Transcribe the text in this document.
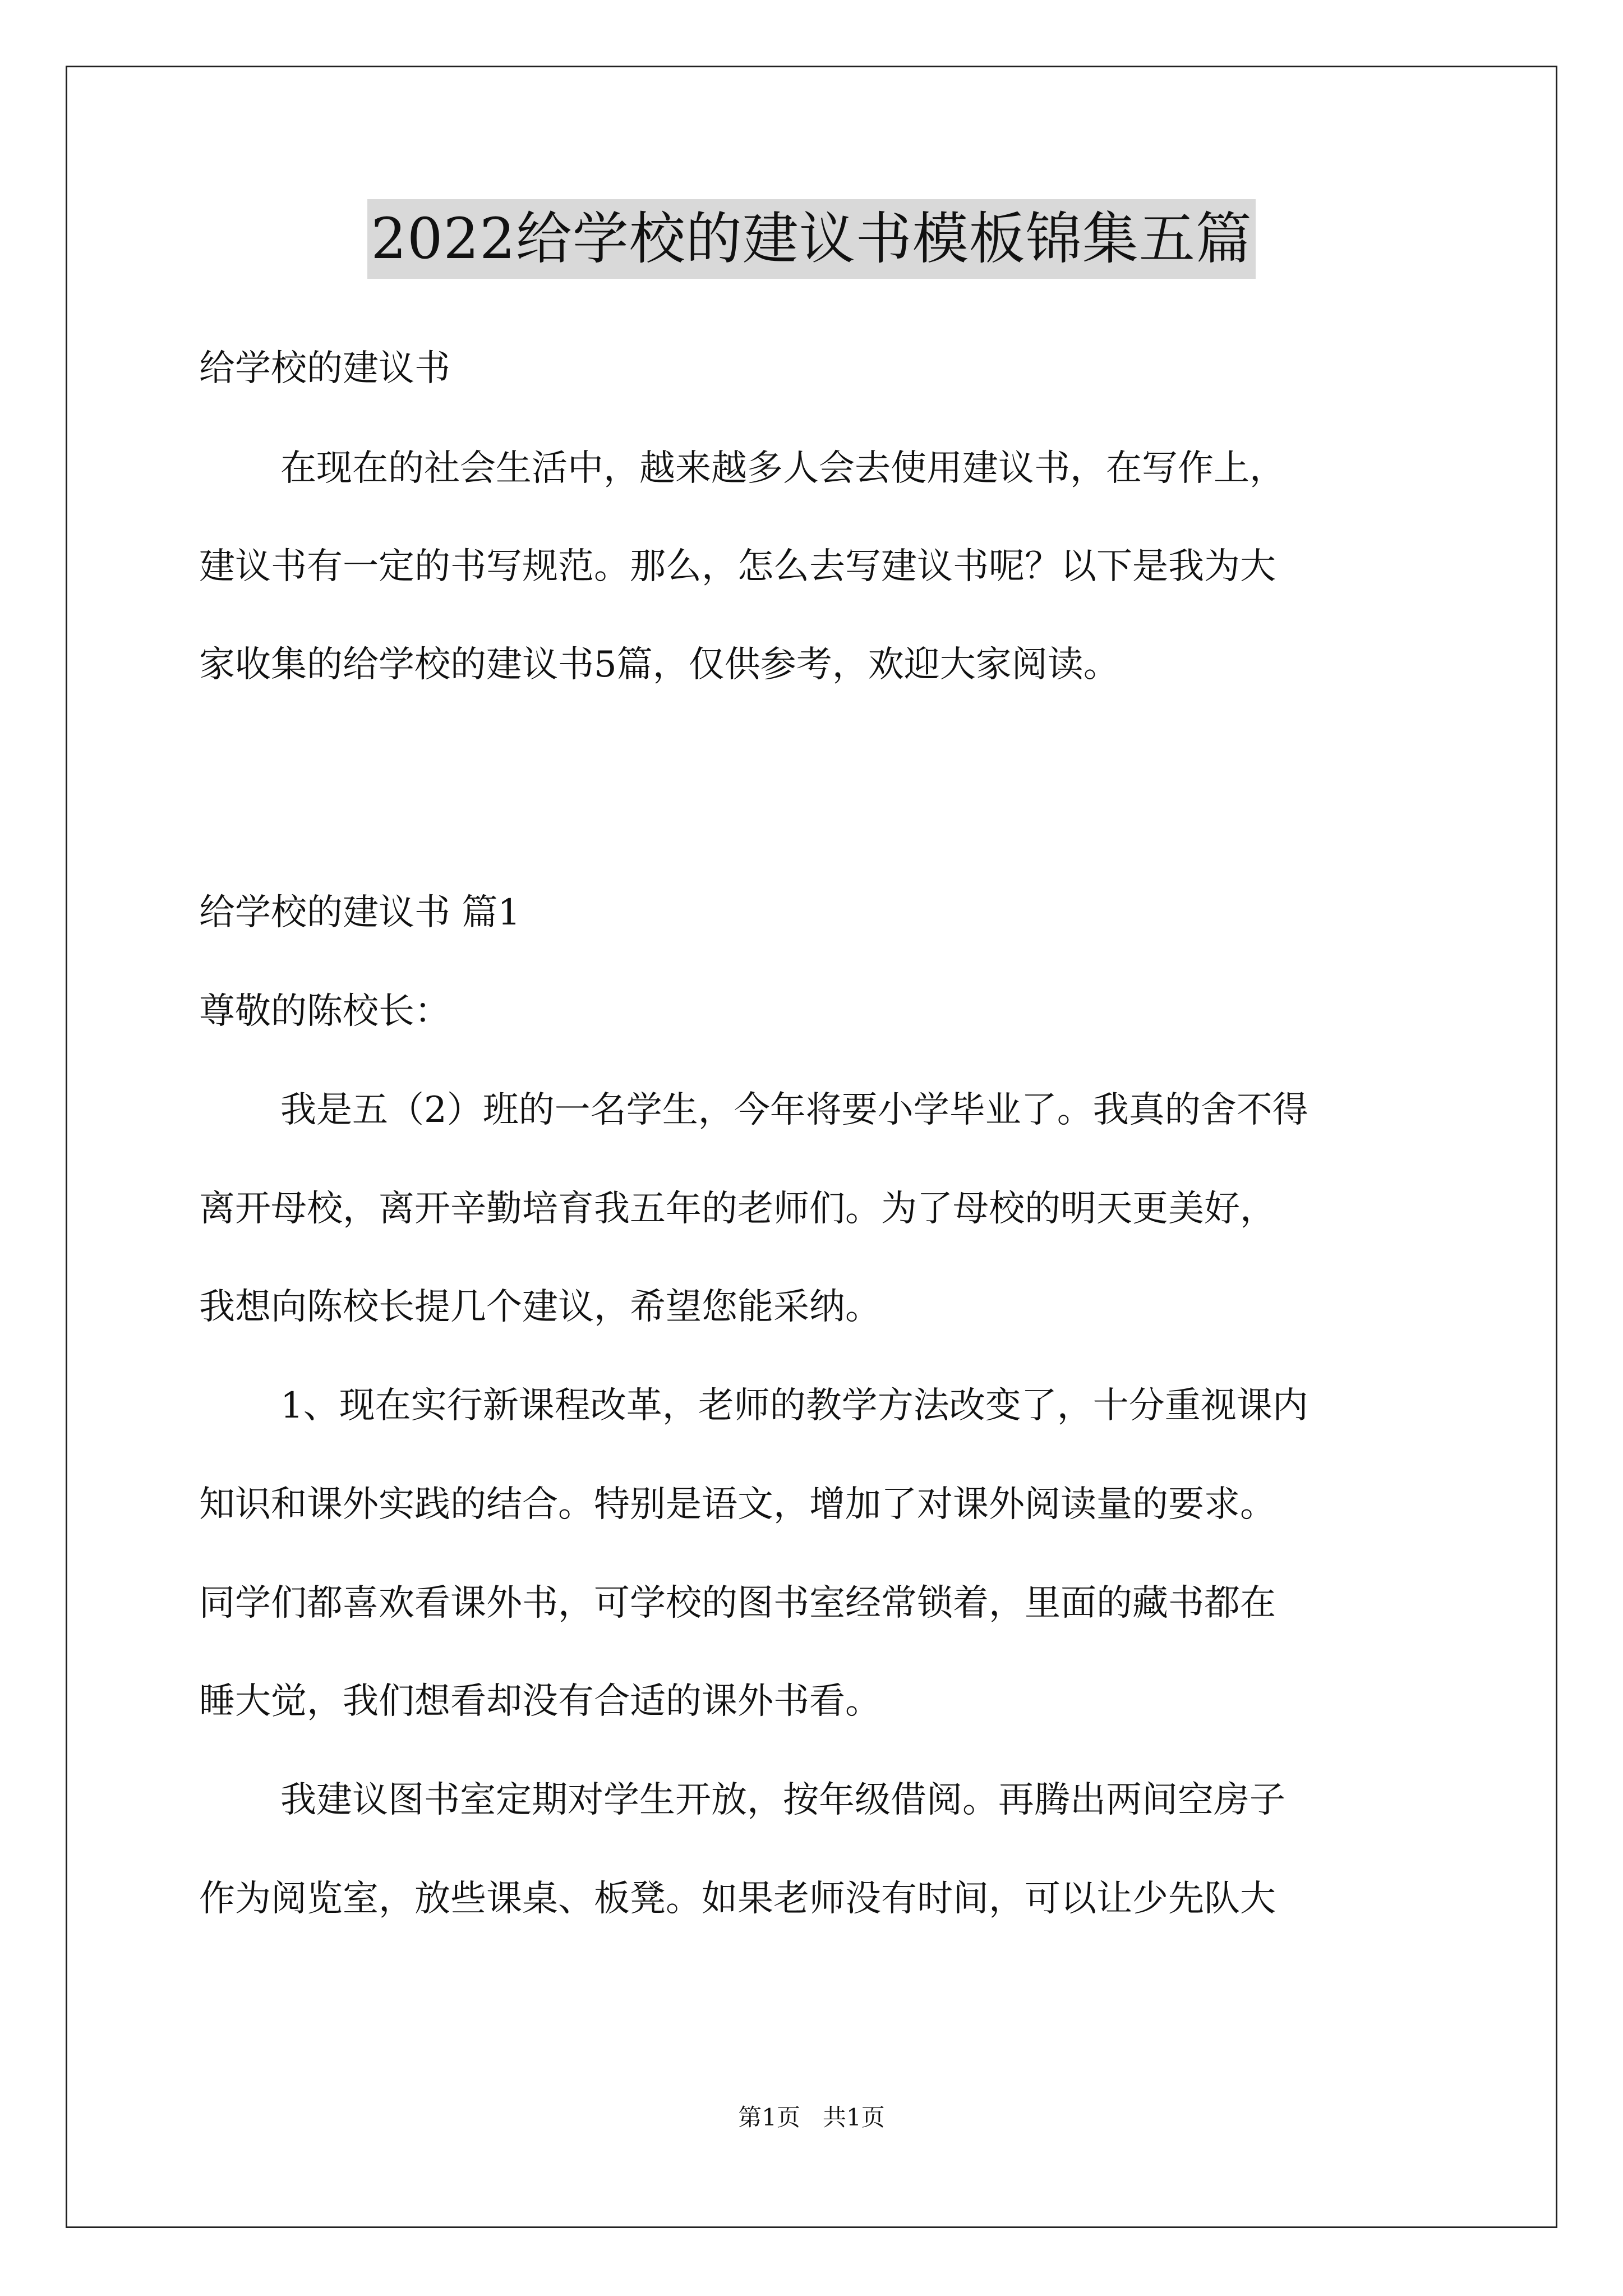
2022给学校的建议书模板锦集五篇
给学校的建议书
在现在的社会生活中，越来越多人会去使用建议书，在写作上，
建议书有一定的书写规范。那么，怎么去写建议书呢？以下是我为大
家收集的给学校的建议书5篇，仅供参考，欢迎大家阅读。
给学校的建议书 篇1
尊敬的陈校长：
我是五（2）班的一名学生，今年将要小学毕业了。我真的舍不得
离开母校，离开辛勤培育我五年的老师们。为了母校的明天更美好，
我想向陈校长提几个建议，希望您能采纳。
1、现在实行新课程改革，老师的教学方法改变了，十分重视课内
知识和课外实践的结合。特别是语文，增加了对课外阅读量的要求。
同学们都喜欢看课外书，可学校的图书室经常锁着，里面的藏书都在
睡大觉，我们想看却没有合适的课外书看。
我建议图书室定期对学生开放，按年级借阅。再腾出两间空房子
作为阅览室，放些课桌、板凳。如果老师没有时间，可以让少先队大
第1页 共1页
